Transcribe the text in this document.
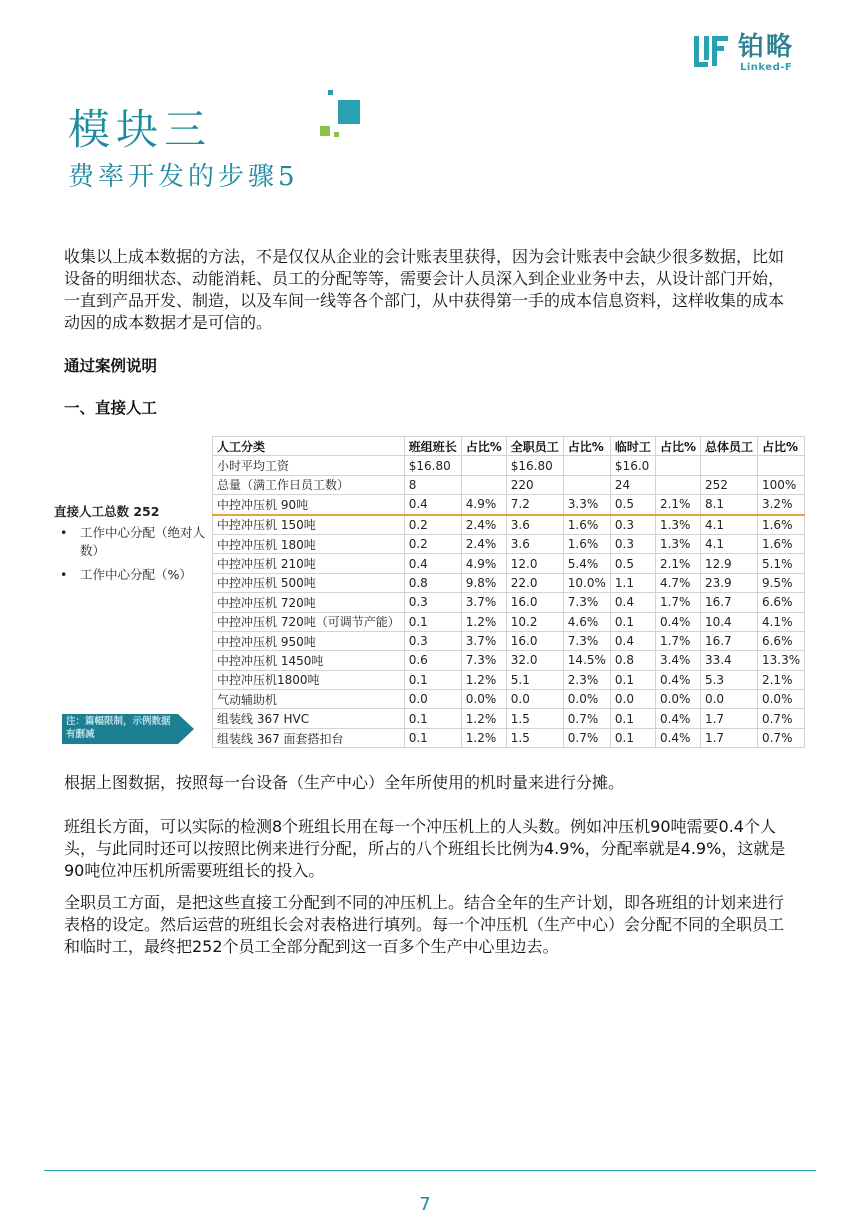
铂略
Linked-F
模块三
费率开发的步骤5
收集以上成本数据的方法，不是仅仅从企业的会计账表里获得，因为会计账表中会缺少很多数据，比如设备的明细状态、动能消耗、员工的分配等等，需要会计人员深入到企业业务中去，从设计部门开始，一直到产品开发、制造，以及车间一线等各个部门，从中获得第一手的成本信息资料，这样收集的成本动因的成本数据才是可信的。
通过案例说明
一、直接人工
直接人工总数 252
• 工作中心分配（绝对人数）
• 工作中心分配（%）
注：篇幅限制，示例数据有删减
人工分类	班组班长	占比%	全职员工	占比%	临时工	占比%	总体员工	占比%
小时平均工资	$16.80		$16.80		$16.0			
总量（满工作日员工数）	8		220		24		252	100%
中控冲压机 90吨	0.4	4.9%	7.2	3.3%	0.5	2.1%	8.1	3.2%
中控冲压机 150吨	0.2	2.4%	3.6	1.6%	0.3	1.3%	4.1	1.6%
中控冲压机 180吨	0.2	2.4%	3.6	1.6%	0.3	1.3%	4.1	1.6%
中控冲压机 210吨	0.4	4.9%	12.0	5.4%	0.5	2.1%	12.9	5.1%
中控冲压机 500吨	0.8	9.8%	22.0	10.0%	1.1	4.7%	23.9	9.5%
中控冲压机 720吨	0.3	3.7%	16.0	7.3%	0.4	1.7%	16.7	6.6%
中控冲压机 720吨（可调节产能）	0.1	1.2%	10.2	4.6%	0.1	0.4%	10.4	4.1%
中控冲压机 950吨	0.3	3.7%	16.0	7.3%	0.4	1.7%	16.7	6.6%
中控冲压机 1450吨	0.6	7.3%	32.0	14.5%	0.8	3.4%	33.4	13.3%
中控冲压机1800吨	0.1	1.2%	5.1	2.3%	0.1	0.4%	5.3	2.1%
气动辅助机	0.0	0.0%	0.0	0.0%	0.0	0.0%	0.0	0.0%
组装线 367 HVC	0.1	1.2%	1.5	0.7%	0.1	0.4%	1.7	0.7%
组装线 367 面套搭扣台	0.1	1.2%	1.5	0.7%	0.1	0.4%	1.7	0.7%
根据上图数据，按照每一台设备（生产中心）全年所使用的机时量来进行分摊。
班组长方面，可以实际的检测8个班组长用在每一个冲压机上的人头数。例如冲压机90吨需要0.4个人头，与此同时还可以按照比例来进行分配，所占的八个班组长比例为4.9%，分配率就是4.9%，这就是90吨位冲压机所需要班组长的投入。
全职员工方面，是把这些直接工分配到不同的冲压机上。结合全年的生产计划，即各班组的计划来进行表格的设定。然后运营的班组长会对表格进行填列。每一个冲压机（生产中心）会分配不同的全职员工和临时工，最终把252个员工全部分配到这一百多个生产中心里边去。
7
